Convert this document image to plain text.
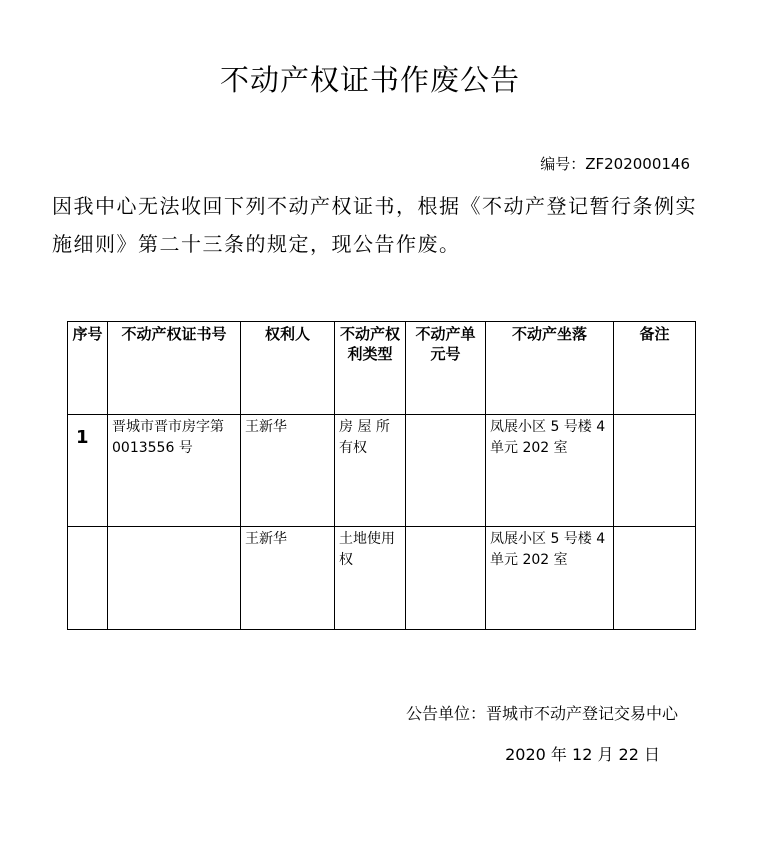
不动产权证书作废公告
编号：ZF202000146
因我中心无法收回下列不动产权证书，根据《不动产登记暂行条例实施细则》第二十三条的规定，现公告作废。
序号	不动产权证书号	权利人	不动产权利类型	不动产单元号	不动产坐落	备注
1	晋城市晋市房字第 0013556 号	王新华	房 屋 所有权		凤展小区 5 号楼 4 单元 202 室	
		王新华	土地使用权		凤展小区 5 号楼 4 单元 202 室	
公告单位：晋城市不动产登记交易中心
2020 年 12 月 22 日
